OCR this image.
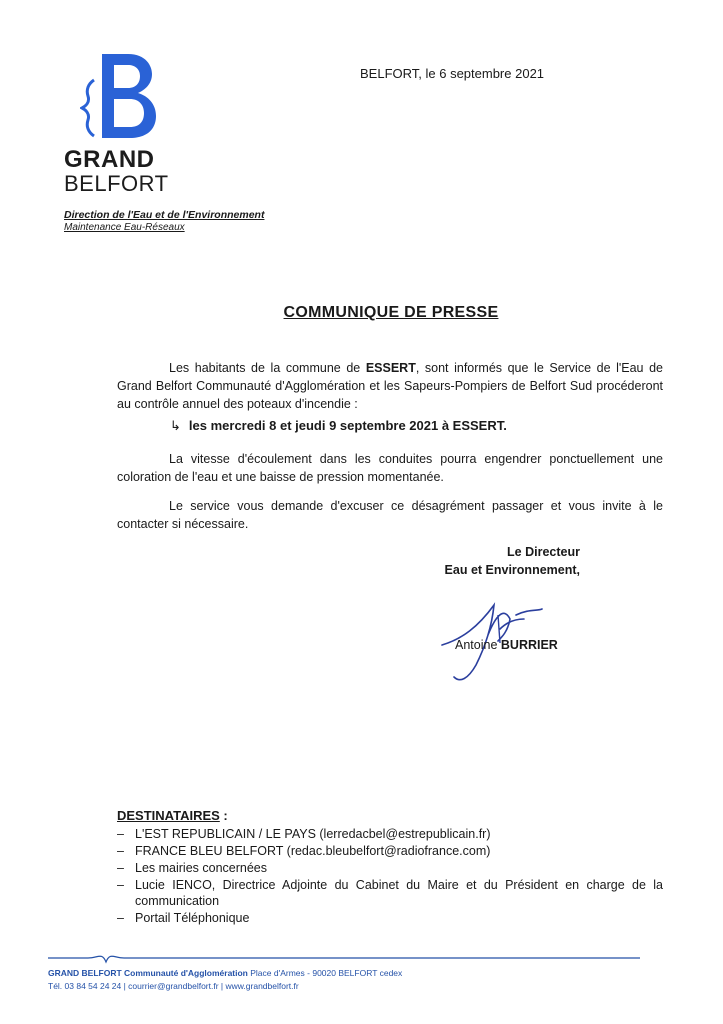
GRAND
BELFORT
Direction de l'Eau et de l'Environnement
Maintenance Eau-Réseaux
BELFORT, le 6 septembre 2021
COMMUNIQUE DE PRESSE

Les habitants de la commune de ESSERT, sont informés que le Service de l'Eau de Grand Belfort Communauté d'Agglomération et les Sapeurs-Pompiers de Belfort Sud procéderont au contrôle annuel des poteaux d'incendie :

↳ les mercredi 8 et jeudi 9 septembre 2021 à ESSERT.

La vitesse d'écoulement dans les conduites pourra engendrer ponctuellement une coloration de l'eau et une baisse de pression momentanée.

Le service vous demande d'excuser ce désagrément passager et vous invite à le contacter si nécessaire.

Le Directeur
Eau et Environnement,
Antoine BURRIER
DESTINATAIRES :
– L'EST REPUBLICAIN / LE PAYS (lerredacbel@estrepublicain.fr)
– FRANCE BLEU BELFORT (redac.bleubelfort@radiofrance.com)
– Les mairies concernées
– Lucie IENCO, Directrice Adjointe du Cabinet du Maire et du Président en charge de la communication
– Portail Téléphonique
GRAND BELFORT Communauté d'Agglomération Place d'Armes - 90020 BELFORT cedex
Tél. 03 84 54 24 24 | courrier@grandbelfort.fr | www.grandbelfort.fr
